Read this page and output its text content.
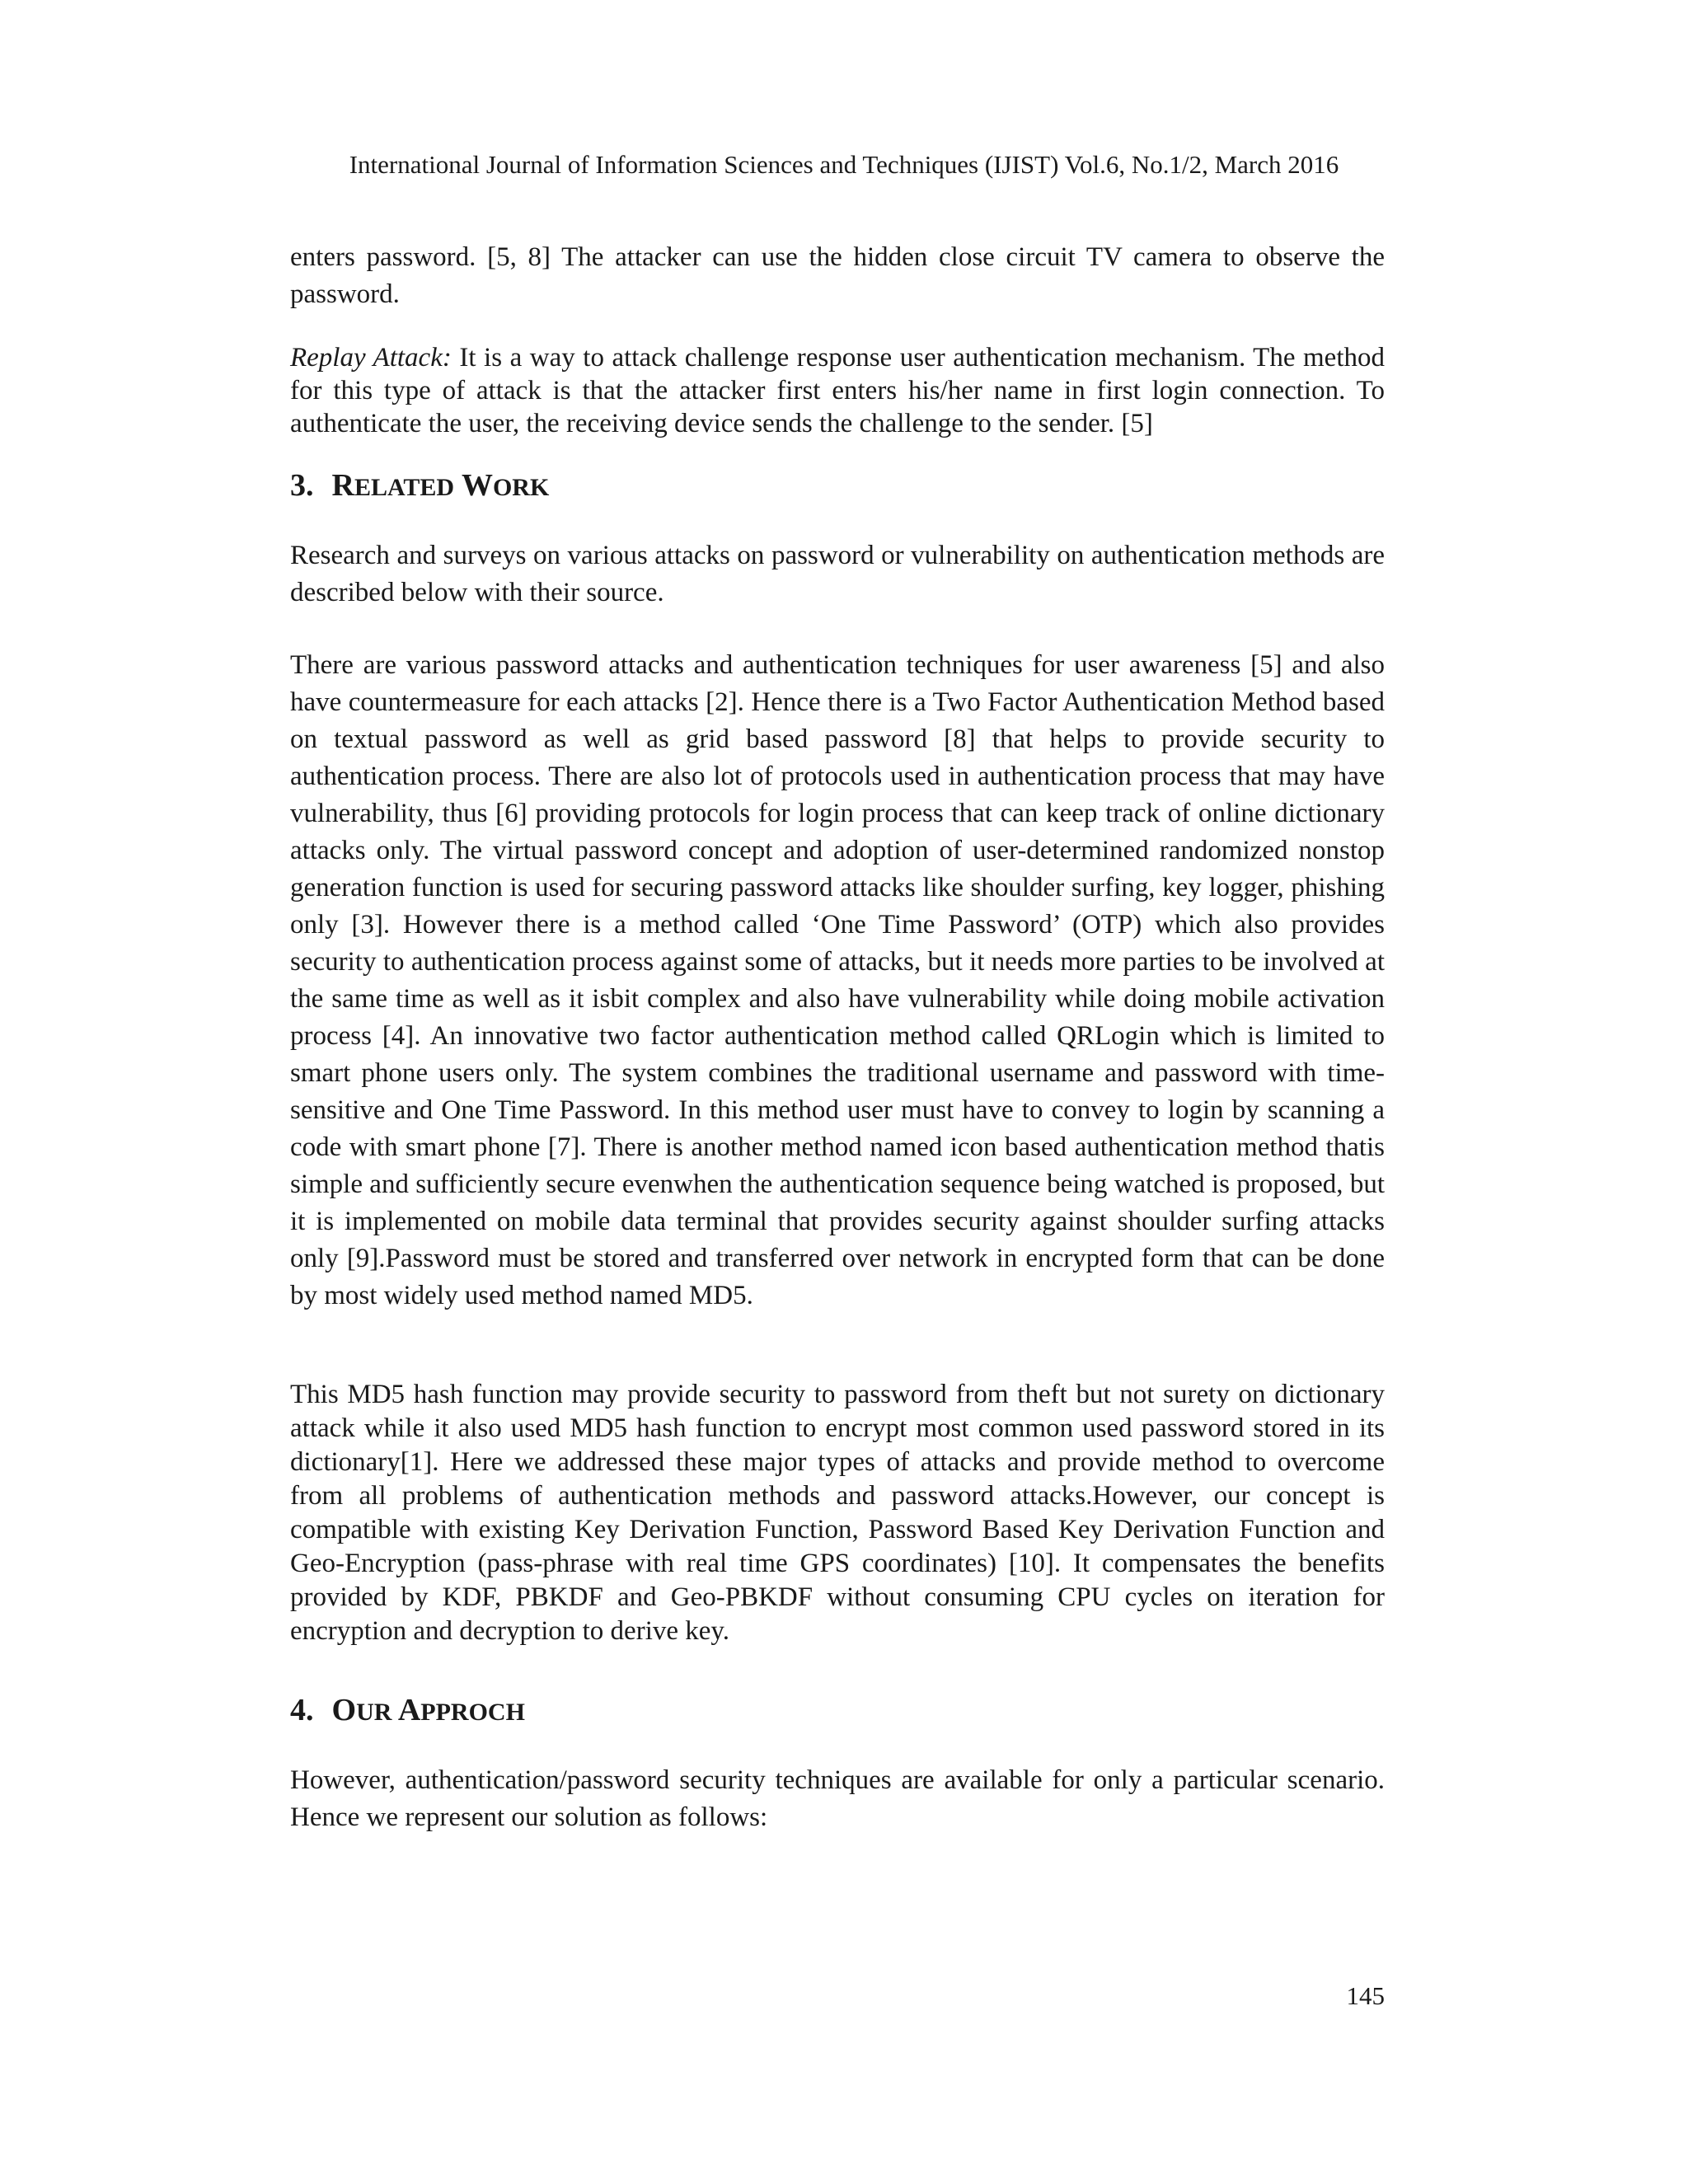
International Journal of Information Sciences and Techniques (IJIST) Vol.6, No.1/2, March 2016

enters password. [5, 8] The attacker can use the hidden close circuit TV camera to observe the password.

Replay Attack: It is a way to attack challenge response user authentication mechanism. The method for this type of attack is that the attacker first enters his/her name in first login connection. To authenticate the user, the receiving device sends the challenge to the sender. [5]

3. RELATED WORK

Research and surveys on various attacks on password or vulnerability on authentication methods are described below with their source.

There are various password attacks and authentication techniques for user awareness [5] and also have countermeasure for each attacks [2]. Hence there is a Two Factor Authentication Method based on textual password as well as grid based password [8] that helps to provide security to authentication process. There are also lot of protocols used in authentication process that may have vulnerability, thus [6] providing protocols for login process that can keep track of online dictionary attacks only. The virtual password concept and adoption of user-determined randomized nonstop generation function is used for securing password attacks like shoulder surfing, key logger, phishing only [3]. However there is a method called ‘One Time Password’ (OTP) which also provides security to authentication process against some of attacks, but it needs more parties to be involved at the same time as well as it isbit complex and also have vulnerability while doing mobile activation process [4]. An innovative two factor authentication method called QRLogin which is limited to smart phone users only. The system combines the traditional username and password with time-sensitive and One Time Password. In this method user must have to convey to login by scanning a code with smart phone [7]. There is another method named icon based authentication method thatis simple and sufficiently secure evenwhen the authentication sequence being watched is proposed, but it is implemented on mobile data terminal that provides security against shoulder surfing attacks only [9].Password must be stored and transferred over network in encrypted form that can be done by most widely used method named MD5.

This MD5 hash function may provide security to password from theft but not surety on dictionary attack while it also used MD5 hash function to encrypt most common used password stored in its dictionary[1]. Here we addressed these major types of attacks and provide method to overcome from all problems of authentication methods and password attacks.However, our concept is compatible with existing Key Derivation Function, Password Based Key Derivation Function and Geo-Encryption (pass-phrase with real time GPS coordinates) [10]. It compensates the benefits provided by KDF, PBKDF and Geo-PBKDF without consuming CPU cycles on iteration for encryption and decryption to derive key.

4. OUR APPROCH

However, authentication/password security techniques are available for only a particular scenario. Hence we represent our solution as follows:

145
